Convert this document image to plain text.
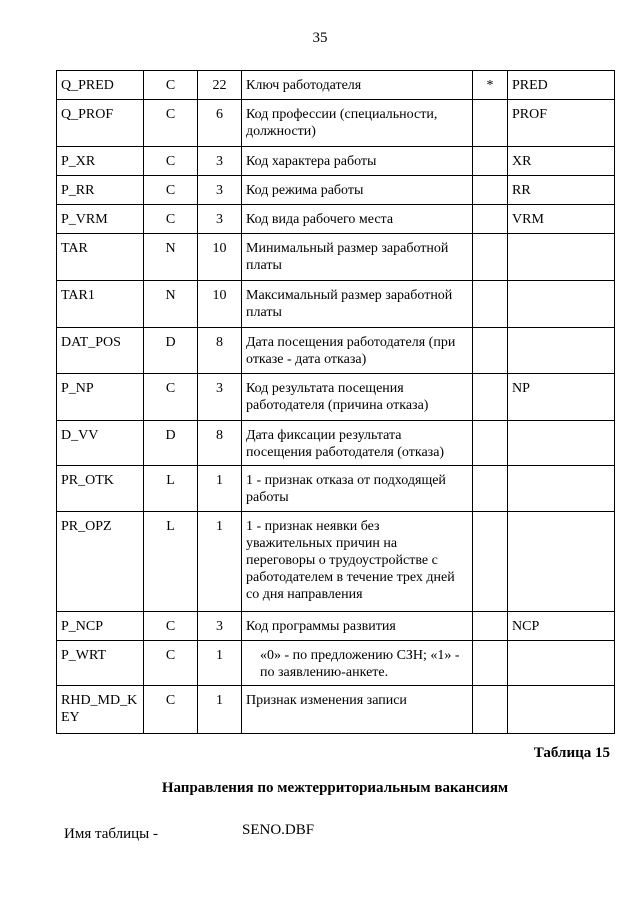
35
Q_PRED	C	22	Ключ работодателя	*	PRED
Q_PROF	C	6	Код профессии (специальности, должности)		PROF
P_XR	C	3	Код характера работы		XR
P_RR	C	3	Код режима работы		RR
P_VRM	C	3	Код вида рабочего места		VRM
TAR	N	10	Минимальный размер заработной платы		
TAR1	N	10	Максимальный размер заработной платы		
DAT_POS	D	8	Дата посещения работодателя (при отказе - дата отказа)		
P_NP	C	3	Код результата посещения работодателя (причина отказа)		NP
D_VV	D	8	Дата фиксации результата посещения работодателя (отказа)		
PR_OTK	L	1	1 - признак отказа от подходящей работы		
PR_OPZ	L	1	1 - признак неявки без уважительных причин на переговоры о трудоустройстве с работодателем в течение трех дней со дня направления		
P_NCP	C	3	Код программы развития		NCP
P_WRT	C	1	«0» - по предложению СЗН; «1» - по заявлению-анкете.		
RHD_MD_KEY	C	1	Признак изменения записи		
Таблица 15
Направления по межтерриториальным вакансиям
Имя таблицы -	SENO.DBF
